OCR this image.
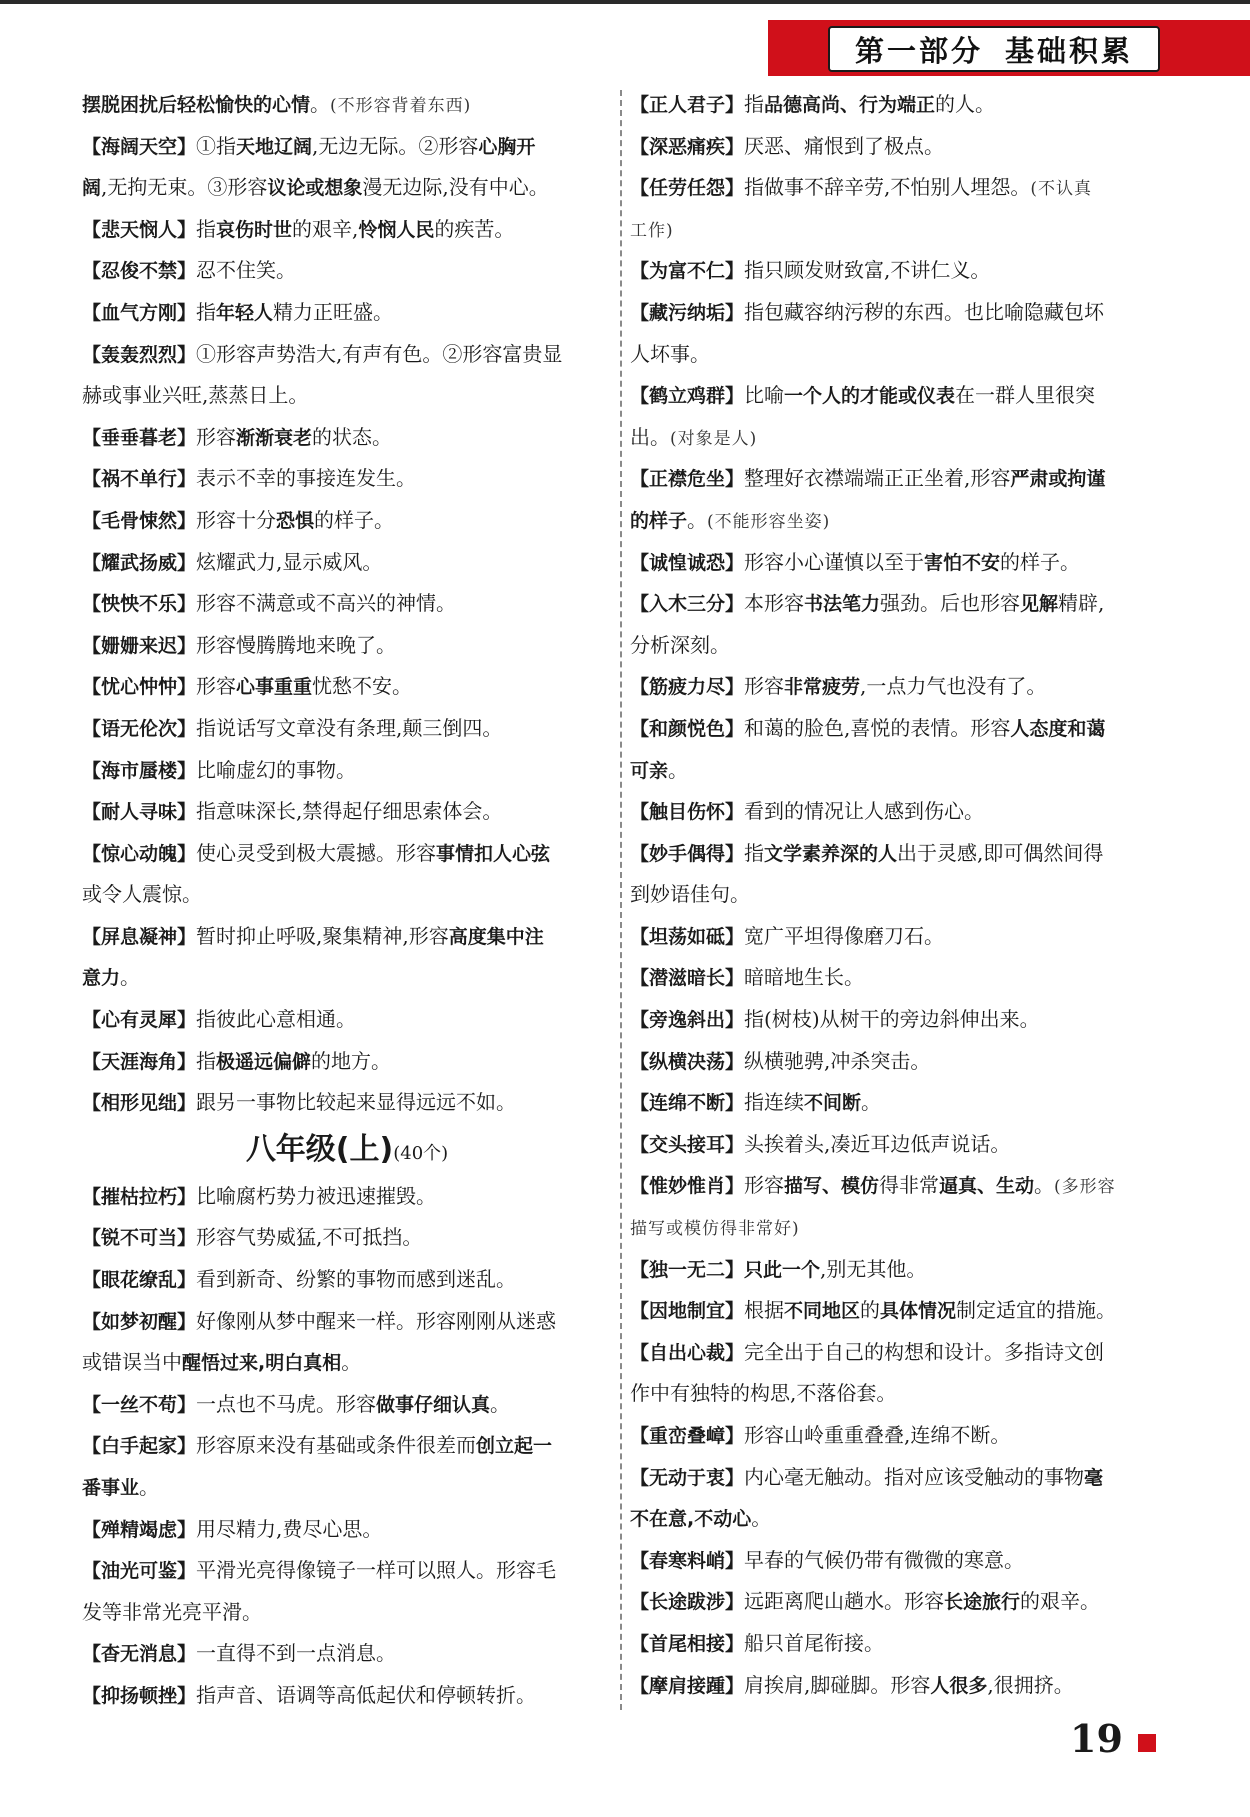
第一部分 基础积累
摆脱困扰后轻松愉快的心情。(不形容背着东西)
【海阔天空】①指天地辽阔,无边无际。②形容心胸开
阔,无拘无束。③形容议论或想象漫无边际,没有中心。
【悲天悯人】指哀伤时世的艰辛,怜悯人民的疾苦。
【忍俊不禁】忍不住笑。
【血气方刚】指年轻人精力正旺盛。
【轰轰烈烈】①形容声势浩大,有声有色。②形容富贵显
赫或事业兴旺,蒸蒸日上。
【垂垂暮老】形容渐渐衰老的状态。
【祸不单行】表示不幸的事接连发生。
【毛骨悚然】形容十分恐惧的样子。
【耀武扬威】炫耀武力,显示威风。
【怏怏不乐】形容不满意或不高兴的神情。
【姗姗来迟】形容慢腾腾地来晚了。
【忧心忡忡】形容心事重重忧愁不安。
【语无伦次】指说话写文章没有条理,颠三倒四。
【海市蜃楼】比喻虚幻的事物。
【耐人寻味】指意味深长,禁得起仔细思索体会。
【惊心动魄】使心灵受到极大震撼。形容事情扣人心弦
或令人震惊。
【屏息凝神】暂时抑止呼吸,聚集精神,形容高度集中注
意力。
【心有灵犀】指彼此心意相通。
【天涯海角】指极遥远偏僻的地方。
【相形见绌】跟另一事物比较起来显得远远不如。
八年级(上)(40个)
【摧枯拉朽】比喻腐朽势力被迅速摧毁。
【锐不可当】形容气势威猛,不可抵挡。
【眼花缭乱】看到新奇、纷繁的事物而感到迷乱。
【如梦初醒】好像刚从梦中醒来一样。形容刚刚从迷惑
或错误当中醒悟过来,明白真相。
【一丝不苟】一点也不马虎。形容做事仔细认真。
【白手起家】形容原来没有基础或条件很差而创立起一
番事业。
【殚精竭虑】用尽精力,费尽心思。
【油光可鉴】平滑光亮得像镜子一样可以照人。形容毛
发等非常光亮平滑。
【杳无消息】一直得不到一点消息。
【抑扬顿挫】指声音、语调等高低起伏和停顿转折。
【正人君子】指品德高尚、行为端正的人。
【深恶痛疾】厌恶、痛恨到了极点。
【任劳任怨】指做事不辞辛劳,不怕别人埋怨。(不认真
工作)
【为富不仁】指只顾发财致富,不讲仁义。
【藏污纳垢】指包藏容纳污秽的东西。也比喻隐藏包坏
人坏事。
【鹤立鸡群】比喻一个人的才能或仪表在一群人里很突
出。(对象是人)
【正襟危坐】整理好衣襟端端正正坐着,形容严肃或拘谨
的样子。(不能形容坐姿)
【诚惶诚恐】形容小心谨慎以至于害怕不安的样子。
【入木三分】本形容书法笔力强劲。后也形容见解精辟,
分析深刻。
【筋疲力尽】形容非常疲劳,一点力气也没有了。
【和颜悦色】和蔼的脸色,喜悦的表情。形容人态度和蔼
可亲。
【触目伤怀】看到的情况让人感到伤心。
【妙手偶得】指文学素养深的人出于灵感,即可偶然间得
到妙语佳句。
【坦荡如砥】宽广平坦得像磨刀石。
【潜滋暗长】暗暗地生长。
【旁逸斜出】指(树枝)从树干的旁边斜伸出来。
【纵横决荡】纵横驰骋,冲杀突击。
【连绵不断】指连续不间断。
【交头接耳】头挨着头,凑近耳边低声说话。
【惟妙惟肖】形容描写、模仿得非常逼真、生动。(多形容
描写或模仿得非常好)
【独一无二】只此一个,别无其他。
【因地制宜】根据不同地区的具体情况制定适宜的措施。
【自出心裁】完全出于自己的构想和设计。多指诗文创
作中有独特的构思,不落俗套。
【重峦叠嶂】形容山岭重重叠叠,连绵不断。
【无动于衷】内心毫无触动。指对应该受触动的事物毫
不在意,不动心。
【春寒料峭】早春的气候仍带有微微的寒意。
【长途跋涉】远距离爬山趟水。形容长途旅行的艰辛。
【首尾相接】船只首尾衔接。
【摩肩接踵】肩挨肩,脚碰脚。形容人很多,很拥挤。
19
